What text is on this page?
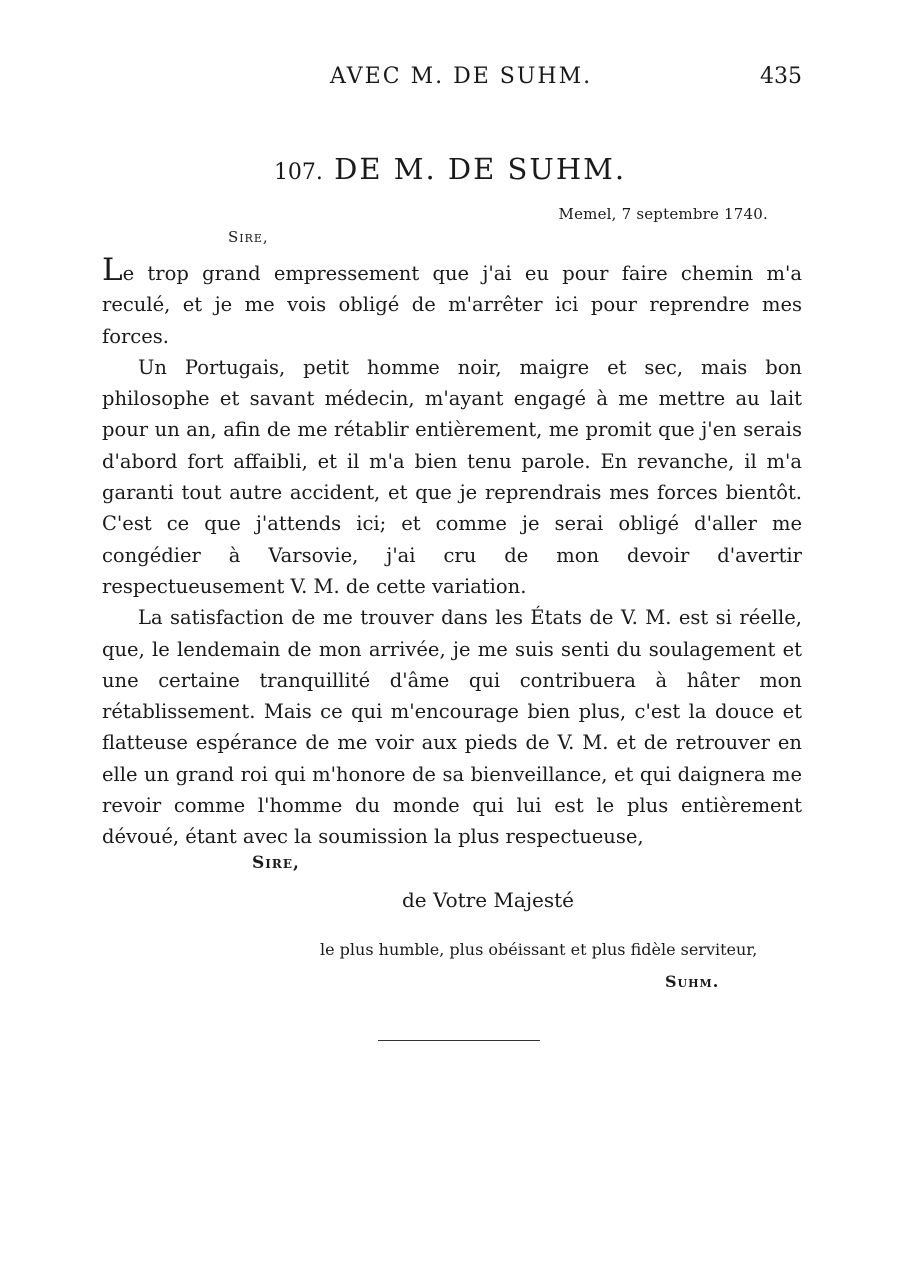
AVEC M. DE SUHM.	435
107. DE M. DE SUHM.
Memel, 7 septembre 1740.
Sire,

Le trop grand empressement que j'ai eu pour faire chemin m'a reculé, et je me vois obligé de m'arrêter ici pour reprendre mes forces.

Un Portugais, petit homme noir, maigre et sec, mais bon philosophe et savant médecin, m'ayant engagé à me mettre au lait pour un an, afin de me rétablir entièrement, me promit que j'en serais d'abord fort affaibli, et il m'a bien tenu parole. En revanche, il m'a garanti tout autre accident, et que je reprendrais mes forces bientôt. C'est ce que j'attends ici; et comme je serai obligé d'aller me congédier à Varsovie, j'ai cru de mon devoir d'avertir respectueusement V. M. de cette variation.

La satisfaction de me trouver dans les États de V. M. est si réelle, que, le lendemain de mon arrivée, je me suis senti du soulagement et une certaine tranquillité d'âme qui contribuera à hâter mon rétablissement. Mais ce qui m'encourage bien plus, c'est la douce et flatteuse espérance de me voir aux pieds de V. M. et de retrouver en elle un grand roi qui m'honore de sa bienveillance, et qui daignera me revoir comme l'homme du monde qui lui est le plus entièrement dévoué, étant avec la soumission la plus respectueuse,

Sire,
de Votre Majesté
le plus humble, plus obéissant et plus fidèle serviteur,
Suhm.
